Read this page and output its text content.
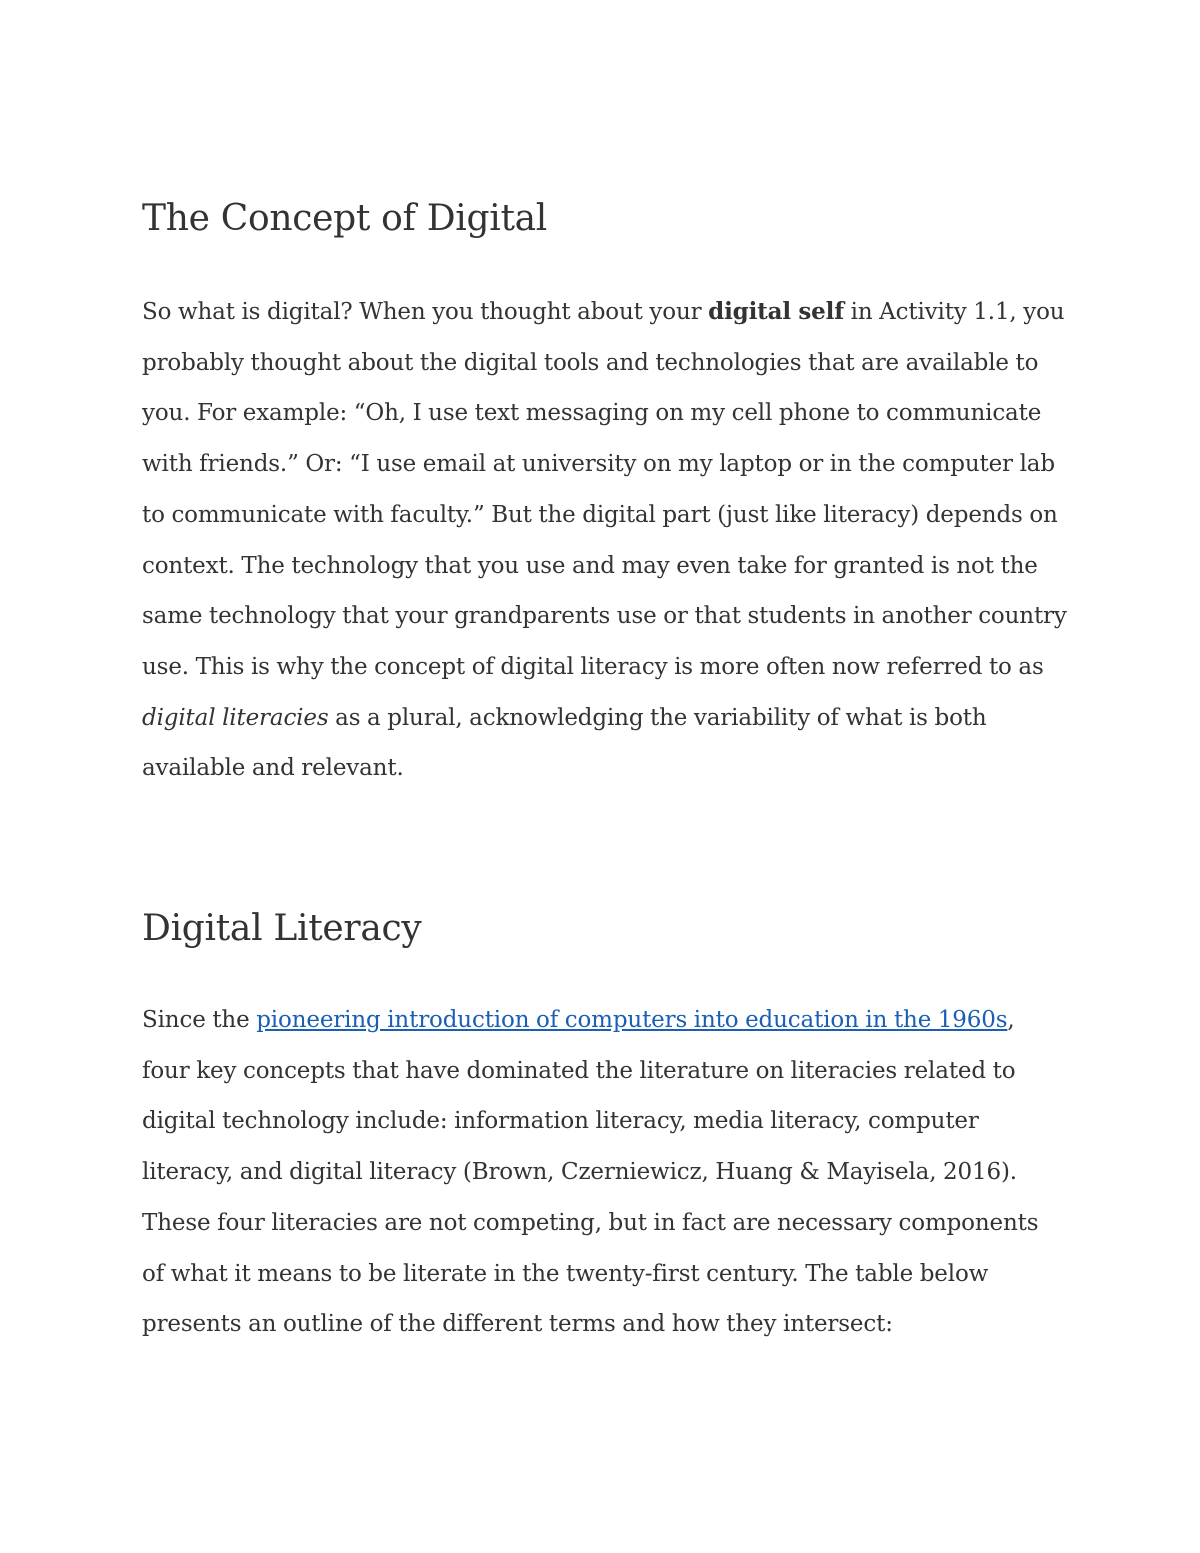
The Concept of Digital

So what is digital? When you thought about your digital self in Activity 1.1, you probably thought about the digital tools and technologies that are available to you. For example: “Oh, I use text messaging on my cell phone to communicate with friends.” Or: “I use email at university on my laptop or in the computer lab to communicate with faculty.” But the digital part (just like literacy) depends on context. The technology that you use and may even take for granted is not the same technology that your grandparents use or that students in another country use. This is why the concept of digital literacy is more often now referred to as digital literacies as a plural, acknowledging the variability of what is both available and relevant.

Digital Literacy

Since the pioneering introduction of computers into education in the 1960s, four key concepts that have dominated the literature on literacies related to digital technology include: information literacy, media literacy, computer literacy, and digital literacy (Brown, Czerniewicz, Huang & Mayisela, 2016). These four literacies are not competing, but in fact are necessary components of what it means to be literate in the twenty-first century. The table below presents an outline of the different terms and how they intersect:
